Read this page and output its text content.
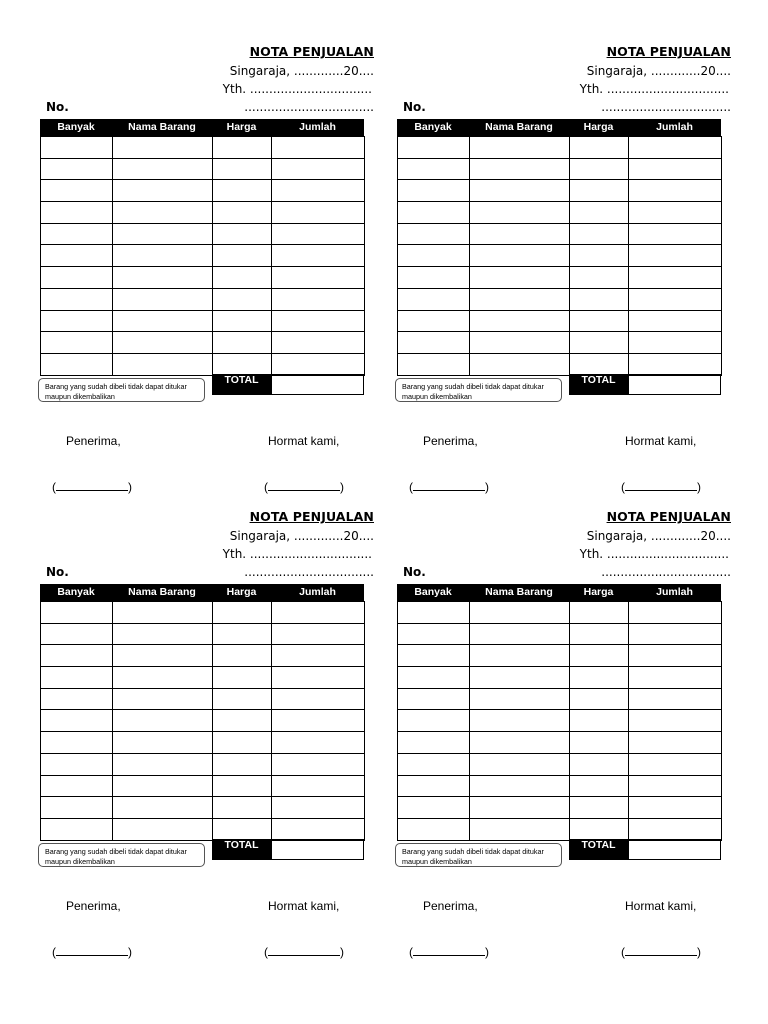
NOTA PENJUALAN
Singaraja, .............20....
Yth. ................................
No.	..................................
Banyak	Nama Barang	Harga	Jumlah

TOTAL
Barang yang sudah dibeli tidak dapat ditukar maupun dikembalikan
Penerima,	Hormat kami,
(	)	(	)
NOTA PENJUALAN
Singaraja, .............20....
Yth. ................................
No.	..................................
Banyak	Nama Barang	Harga	Jumlah

TOTAL
Barang yang sudah dibeli tidak dapat ditukar maupun dikembalikan
Penerima,	Hormat kami,
(	)	(	)
NOTA PENJUALAN
Singaraja, .............20....
Yth. ................................
No.	..................................
Banyak	Nama Barang	Harga	Jumlah

TOTAL
Barang yang sudah dibeli tidak dapat ditukar maupun dikembalikan
Penerima,	Hormat kami,
(	)	(	)
NOTA PENJUALAN
Singaraja, .............20....
Yth. ................................
No.	..................................
Banyak	Nama Barang	Harga	Jumlah

TOTAL
Barang yang sudah dibeli tidak dapat ditukar maupun dikembalikan
Penerima,	Hormat kami,
(	)	(	)
